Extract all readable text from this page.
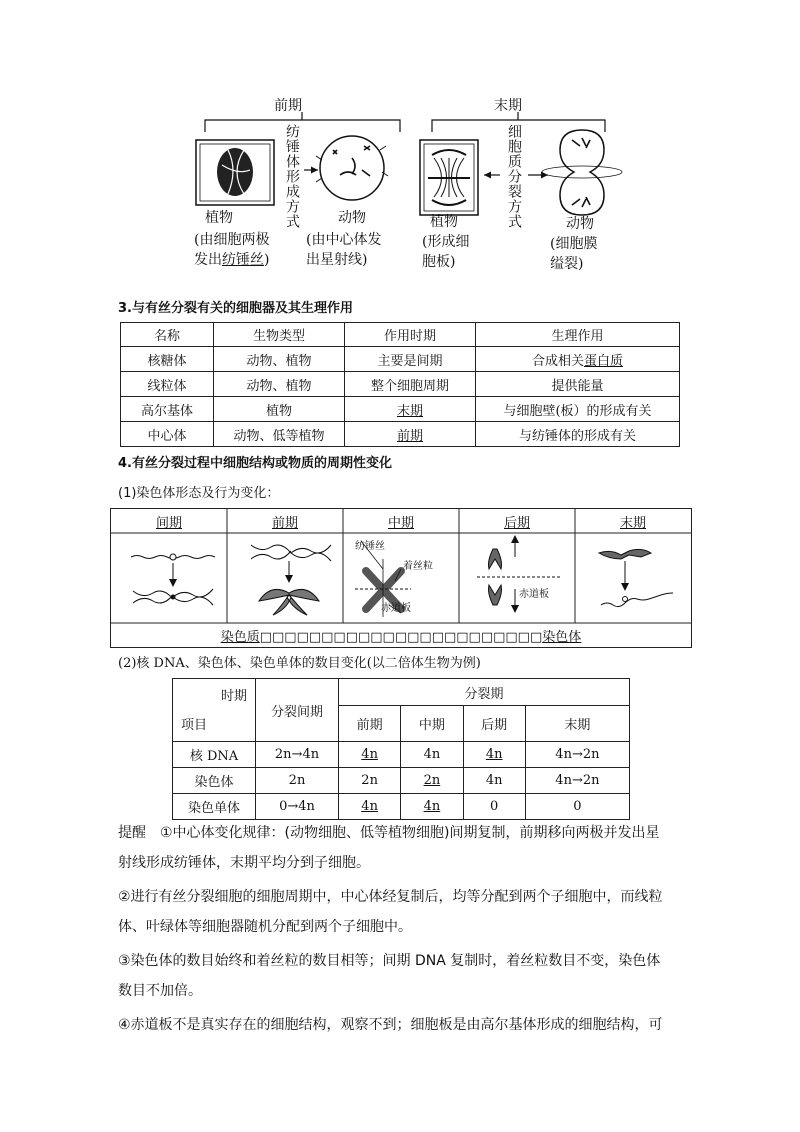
前期	末期
纺锤体形成方式	细胞质分裂方式
植物
(由细胞两极
发出纺锤丝)
动物
(由中心体发
出星射线)
植物
(形成细
胞板)
动物
(细胞膜
缢裂)
3.与有丝分裂有关的细胞器及其生理作用
名称	生物类型	作用时期	生理作用
核糖体	动物、植物	主要是间期	合成相关蛋白质
线粒体	动物、植物	整个细胞周期	提供能量
高尔基体	植物	末期	与细胞壁(板）的形成有关
中心体	动物、低等植物	前期	与纺锤体的形成有关
4.有丝分裂过程中细胞结构或物质的周期性变化
(1)染色体形态及行为变化：
间期	前期	中期	后期	末期
纺锤丝
着丝粒
赤道板
赤道板
染色质□□□□□□□□□□□□□□□□□□□□□□□染色体
(2)核 DNA、染色体、染色单体的数目变化(以二倍体生物为例)
时期
项目	分裂间期	分裂期			
		前期	中期	后期	末期
核 DNA	2n→4n	4n	4n	4n	4n→2n
染色体	2n	2n	2n	4n	4n→2n
染色单体	0→4n	4n	4n	0	0
提醒　①中心体变化规律：(动物细胞、低等植物细胞)间期复制，前期移向两极并发出星
射线形成纺锤体，末期平均分到子细胞。
②进行有丝分裂细胞的细胞周期中，中心体经复制后，均等分配到两个子细胞中，而线粒
体、叶绿体等细胞器随机分配到两个子细胞中。
③染色体的数目始终和着丝粒的数目相等；间期 DNA 复制时，着丝粒数目不变，染色体
数目不加倍。
④赤道板不是真实存在的细胞结构，观察不到；细胞板是由高尔基体形成的细胞结构，可
